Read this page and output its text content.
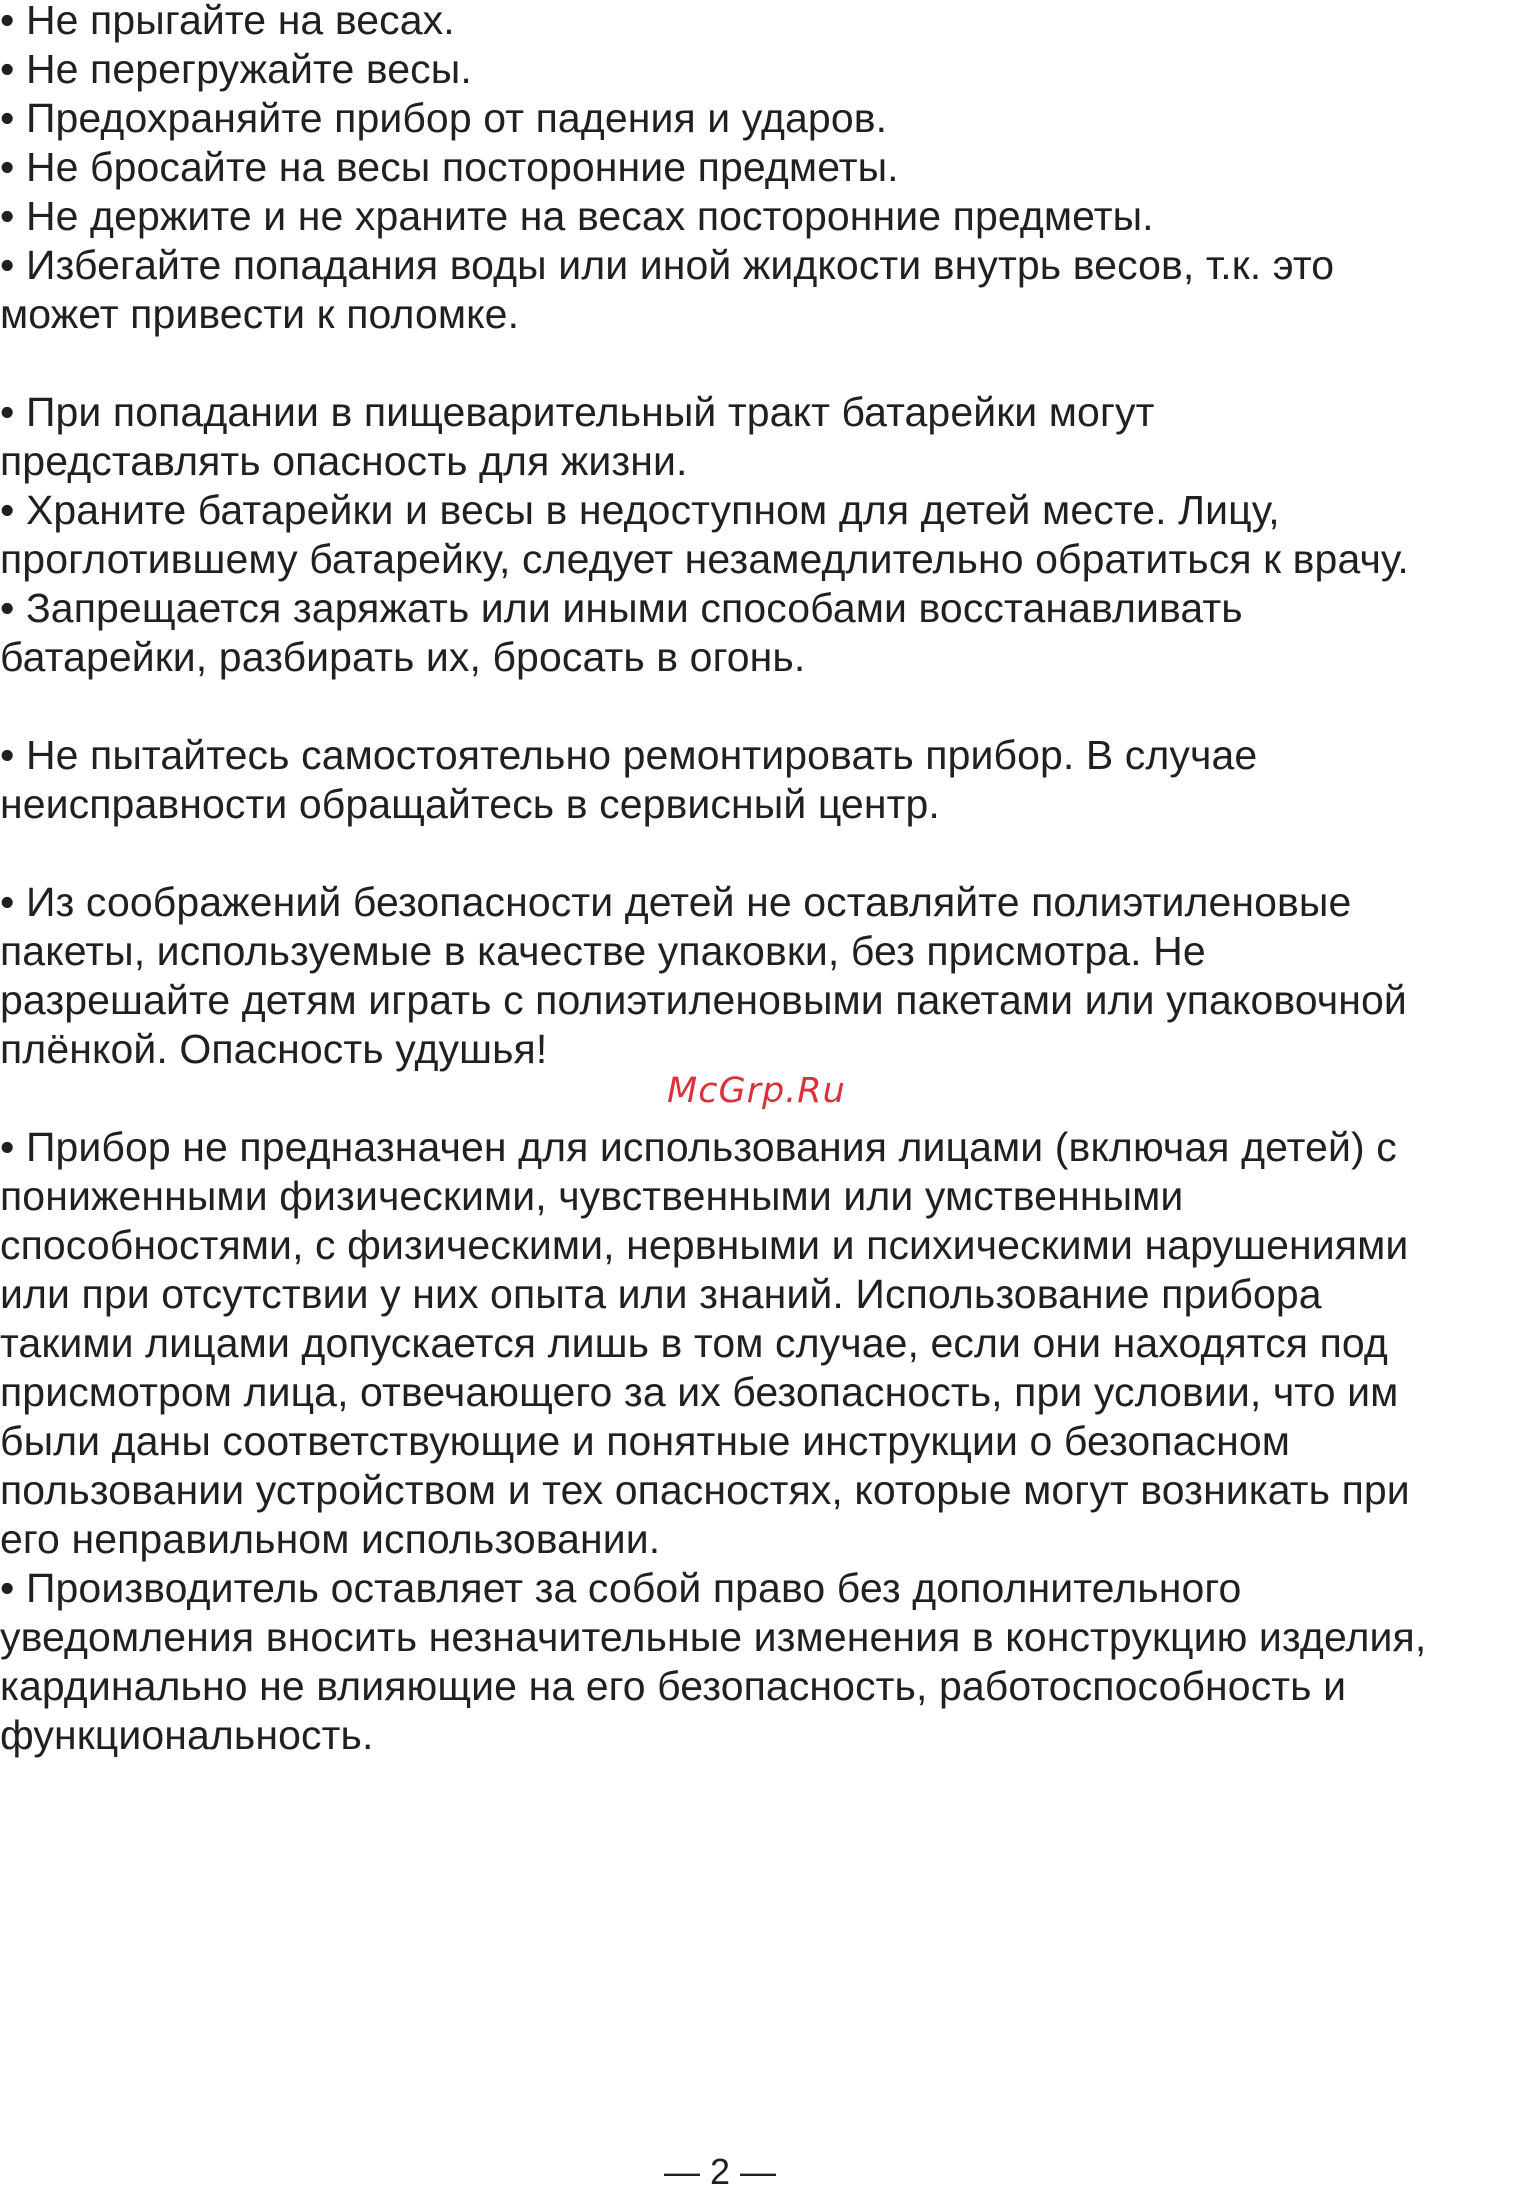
• Не прыгайте на весах.
• Не перегружайте весы.
• Предохраняйте прибор от падения и ударов.
• Не бросайте на весы посторонние предметы.
• Не держите и не храните на весах посторонние предметы.
• Избегайте попадания воды или иной жидкости внутрь весов, т.к. это
может привести к поломке.
• При попадании в пищеварительный тракт батарейки могут
представлять опасность для жизни.
• Храните батарейки и весы в недоступном для детей месте. Лицу,
проглотившему батарейку, следует незамедлительно обратиться к врачу.
• Запрещается заряжать или иными способами восстанавливать
батарейки, разбирать их, бросать в огонь.
• Не пытайтесь самостоятельно ремонтировать прибор. В случае
неисправности обращайтесь в сервисный центр.
• Из соображений безопасности детей не оставляйте полиэтиленовые
пакеты, используемые в качестве упаковки, без присмотра. Не
разрешайте детям играть с полиэтиленовыми пакетами или упаковочной
плёнкой. Опасность удушья!
McGrp.Ru
• Прибор не предназначен для использования лицами (включая детей) с
пониженными физическими, чувственными или умственными
способностями, с физическими, нервными и психическими нарушениями
или при отсутствии у них опыта или знаний. Использование прибора
такими лицами допускается лишь в том случае, если они находятся под
присмотром лица, отвечающего за их безопасность, при условии, что им
были даны соответствующие и понятные инструкции о безопасном
пользовании устройством и тех опасностях, которые могут возникать при
его неправильном использовании.
• Производитель оставляет за собой право без дополнительного
уведомления вносить незначительные изменения в конструкцию изделия,
кардинально не влияющие на его безопасность, работоспособность и
функциональность.
— 2 —
